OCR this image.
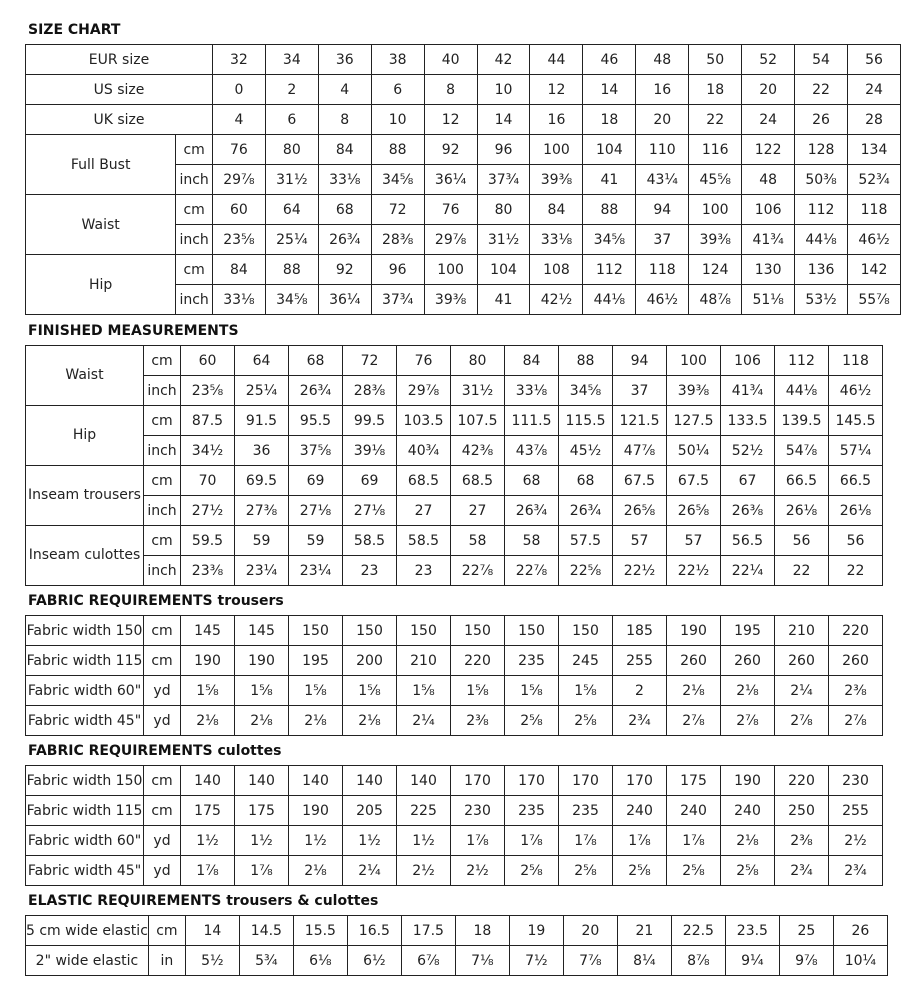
SIZE CHART
EUR size		32	34	36	38	40	42	44	46	48	50	52	54	56
US size		0	2	4	6	8	10	12	14	16	18	20	22	24
UK size		4	6	8	10	12	14	16	18	20	22	24	26	28
Full Bust	cm	76	80	84	88	92	96	100	104	110	116	122	128	134
	inch	29⅞	31½	33⅛	34⅝	36¼	37¾	39⅜	41	43¼	45⅝	48	50⅜	52¾
Waist	cm	60	64	68	72	76	80	84	88	94	100	106	112	118
	inch	23⅝	25¼	26¾	28⅜	29⅞	31½	33⅛	34⅝	37	39⅜	41¾	44⅛	46½
Hip	cm	84	88	92	96	100	104	108	112	118	124	130	136	142
	inch	33⅛	34⅝	36¼	37¾	39⅜	41	42½	44⅛	46½	48⅞	51⅛	53½	55⅞
FINISHED MEASUREMENTS
Waist	cm	60	64	68	72	76	80	84	88	94	100	106	112	118
	inch	23⅝	25¼	26¾	28⅜	29⅞	31½	33⅛	34⅝	37	39⅜	41¾	44⅛	46½
Hip	cm	87.5	91.5	95.5	99.5	103.5	107.5	111.5	115.5	121.5	127.5	133.5	139.5	145.5
	inch	34½	36	37⅝	39⅛	40¾	42⅜	43⅞	45½	47⅞	50¼	52½	54⅞	57¼
Inseam trousers	cm	70	69.5	69	69	68.5	68.5	68	68	67.5	67.5	67	66.5	66.5
	inch	27½	27⅜	27⅛	27⅛	27	27	26¾	26¾	26⅝	26⅝	26⅜	26⅛	26⅛
Inseam culottes	cm	59.5	59	59	58.5	58.5	58	58	57.5	57	57	56.5	56	56
	inch	23⅜	23¼	23¼	23	23	22⅞	22⅞	22⅝	22½	22½	22¼	22	22
FABRIC REQUIREMENTS trousers
Fabric width 150	cm	145	145	150	150	150	150	150	150	185	190	195	210	220
Fabric width 115	cm	190	190	195	200	210	220	235	245	255	260	260	260	260
Fabric width 60"	yd	1⅝	1⅝	1⅝	1⅝	1⅝	1⅝	1⅝	1⅝	2	2⅛	2⅛	2¼	2⅜
Fabric width 45"	yd	2⅛	2⅛	2⅛	2⅛	2¼	2⅜	2⅝	2⅝	2¾	2⅞	2⅞	2⅞	2⅞
FABRIC REQUIREMENTS culottes
Fabric width 150	cm	140	140	140	140	140	170	170	170	170	175	190	220	230
Fabric width 115	cm	175	175	190	205	225	230	235	235	240	240	240	250	255
Fabric width 60"	yd	1½	1½	1½	1½	1½	1⅞	1⅞	1⅞	1⅞	1⅞	2⅛	2⅜	2½
Fabric width 45"	yd	1⅞	1⅞	2⅛	2¼	2½	2½	2⅝	2⅝	2⅝	2⅝	2⅝	2¾	2¾
ELASTIC REQUIREMENTS trousers & culottes
5 cm wide elastic	cm	14	14.5	15.5	16.5	17.5	18	19	20	21	22.5	23.5	25	26
2" wide elastic	in	5½	5¾	6⅛	6½	6⅞	7⅛	7½	7⅞	8¼	8⅞	9¼	9⅞	10¼
